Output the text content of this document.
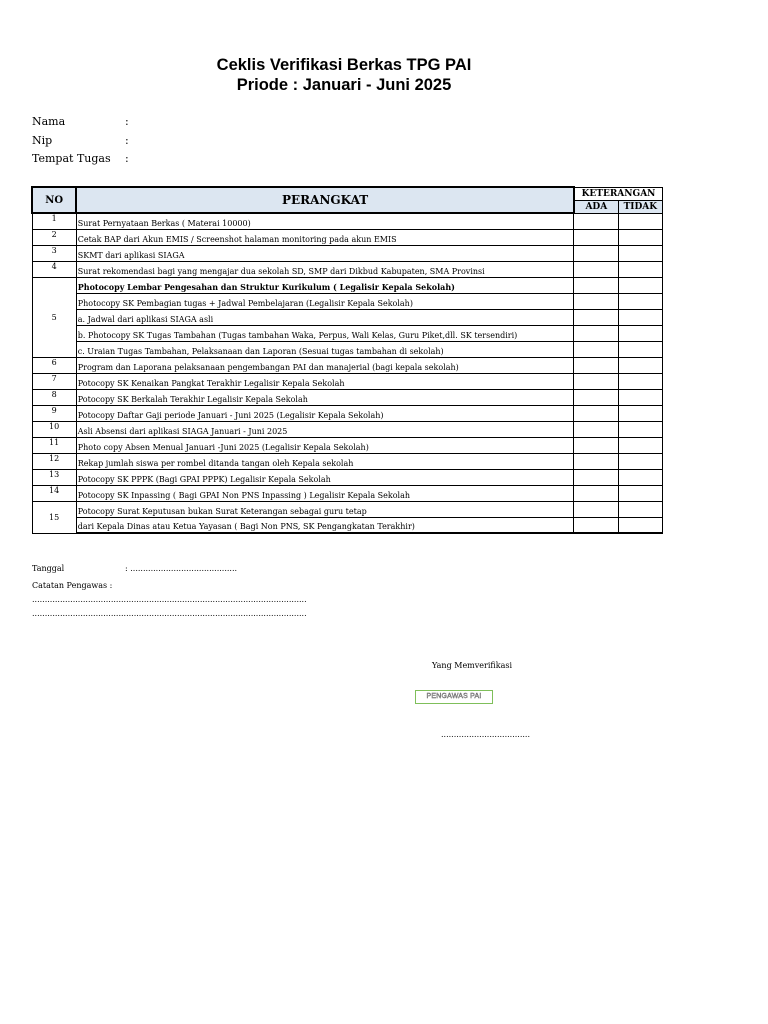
Ceklis Verifikasi Berkas TPG PAI
Priode : Januari - Juni 2025
Nama	:
Nip	:
Tempat Tugas :
NO	PERANGKAT	KETERANGAN	
		ADA	TIDAK
1	Surat Pernyataan Berkas ( Materai 10000)		
2	Cetak BAP dari Akun EMIS / Screenshot halaman monitoring pada akun EMIS		
3	SKMT dari aplikasi SIAGA		
4	Surat rekomendasi bagi yang mengajar dua sekolah SD, SMP dari Dikbud Kabupaten, SMA Provinsi		
5	Photocopy Lembar Pengesahan dan Struktur Kurikulum ( Legalisir Kepala Sekolah)		
	Photocopy SK Pembagian tugas + Jadwal Pembelajaran (Legalisir Kepala Sekolah)		
	a. Jadwal dari aplikasi SIAGA asli		
	b. Photocopy SK Tugas Tambahan (Tugas tambahan Waka, Perpus, Wali Kelas, Guru Piket,dll. SK tersendiri)		
	c. Uraian Tugas Tambahan, Pelaksanaan dan Laporan (Sesuai tugas tambahan di sekolah)		
6	Program dan Laporana pelaksanaan pengembangan PAI dan manajerial (bagi kepala sekolah)		
7	Potocopy SK Kenaikan Pangkat Terakhir Legalisir Kepala Sekolah		
8	Potocopy SK Berkalah Terakhir Legalisir Kepala Sekolah		
9	Potocopy Daftar Gaji periode Januari - Juni 2025 (Legalisir Kepala Sekolah)		
10	Asli Absensi dari aplikasi SIAGA Januari - Juni 2025		
11	Photo copy Absen Menual Januari -Juni 2025 (Legalisir Kepala Sekolah)		
12	Rekap jumlah siswa per rombel ditanda tangan oleh Kepala sekolah		
13	Potocopy SK PPPK (Bagi GPAI PPPK) Legalisir Kepala Sekolah		
14	Potocopy SK Inpassing ( Bagi GPAI Non PNS Inpassing ) Legalisir Kepala Sekolah		
15	Potocopy Surat Keputusan bukan Surat Keterangan sebagai guru tetap		
	dari Kepala Dinas atau Ketua Yayasan ( Bagi Non PNS, SK Pengangkatan Terakhir)		
Tanggal	: ..........................................
Catatan Pengawas :
............................................................................................................
............................................................................................................
Yang Memverifikasi
PENGAWAS PAI
...................................
